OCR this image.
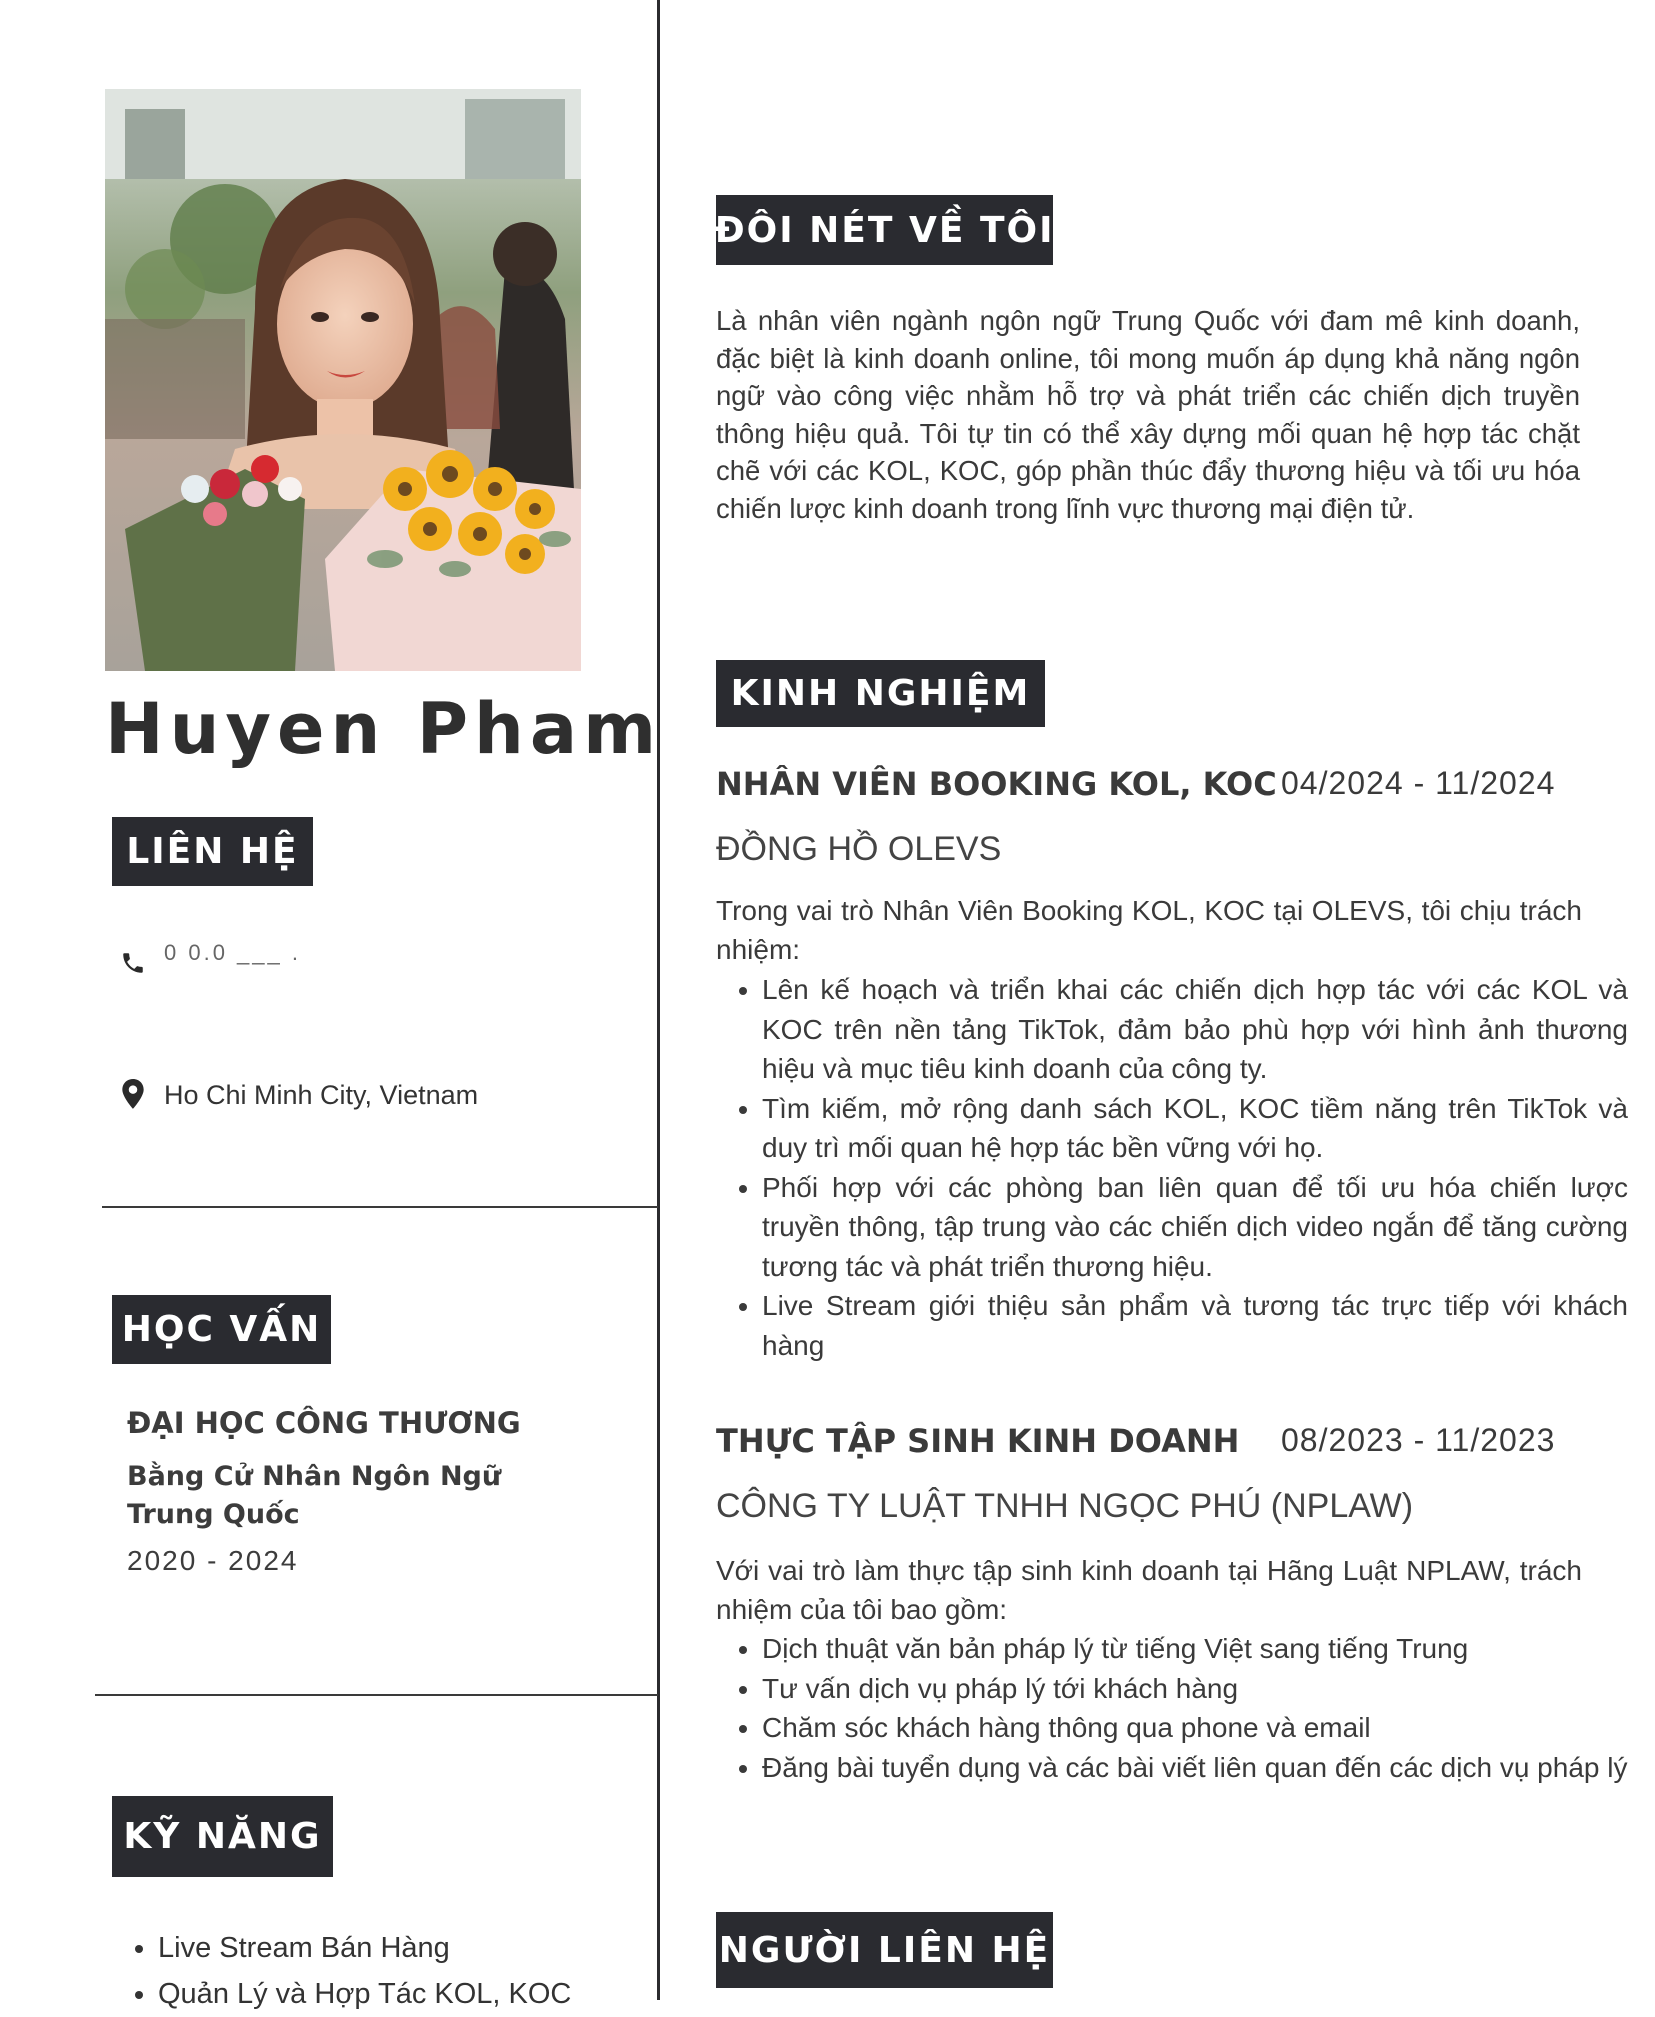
Huyen Pham
LIÊN HỆ
0 0.0 ___ .
Ho Chi Minh City, Vietnam
HỌC VẤN
ĐẠI HỌC CÔNG THƯƠNG
Bằng Cử Nhân Ngôn Ngữ Trung Quốc
2020 - 2024
KỸ NĂNG
• Live Stream Bán Hàng
• Quản Lý và Hợp Tác KOL, KOC
ĐÔI NÉT VỀ TÔI
Là nhân viên ngành ngôn ngữ Trung Quốc với đam mê kinh doanh, đặc biệt là kinh doanh online, tôi mong muốn áp dụng khả năng ngôn ngữ vào công việc nhằm hỗ trợ và phát triển các chiến dịch truyền thông hiệu quả. Tôi tự tin có thể xây dựng mối quan hệ hợp tác chặt chẽ với các KOL, KOC, góp phần thúc đẩy thương hiệu và tối ưu hóa chiến lược kinh doanh trong lĩnh vực thương mại điện tử.
KINH NGHIỆM
NHÂN VIÊN BOOKING KOL, KOC 04/2024 - 11/2024
ĐỒNG HỒ OLEVS
Trong vai trò Nhân Viên Booking KOL, KOC tại OLEVS, tôi chịu trách nhiệm:
• Lên kế hoạch và triển khai các chiến dịch hợp tác với các KOL và KOC trên nền tảng TikTok, đảm bảo phù hợp với hình ảnh thương hiệu và mục tiêu kinh doanh của công ty.
• Tìm kiếm, mở rộng danh sách KOL, KOC tiềm năng trên TikTok và duy trì mối quan hệ hợp tác bền vững với họ.
• Phối hợp với các phòng ban liên quan để tối ưu hóa chiến lược truyền thông, tập trung vào các chiến dịch video ngắn để tăng cường tương tác và phát triển thương hiệu.
• Live Stream giới thiệu sản phẩm và tương tác trực tiếp với khách hàng
THỰC TẬP SINH KINH DOANH 08/2023 - 11/2023
CÔNG TY LUẬT TNHH NGỌC PHÚ (NPLAW)
Với vai trò làm thực tập sinh kinh doanh tại Hãng Luật NPLAW, trách nhiệm của tôi bao gồm:
• Dịch thuật văn bản pháp lý từ tiếng Việt sang tiếng Trung
• Tư vấn dịch vụ pháp lý tới khách hàng
• Chăm sóc khách hàng thông qua phone và email
• Đăng bài tuyển dụng và các bài viết liên quan đến các dịch vụ pháp lý
NGƯỜI LIÊN HỆ
